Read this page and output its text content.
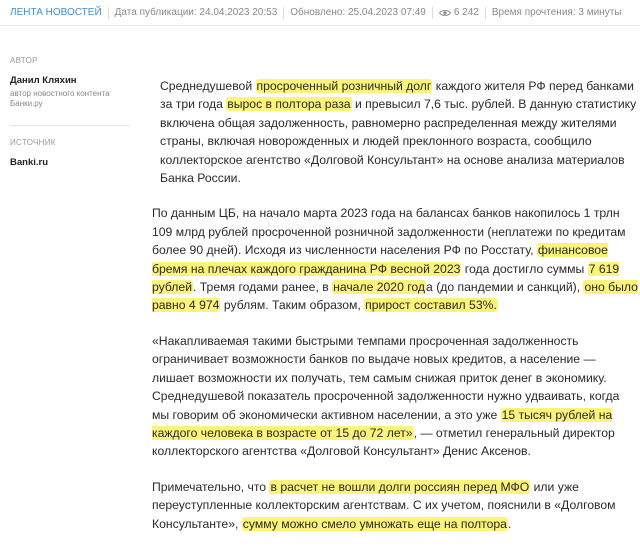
ЛЕНТА НОВОСТЕЙ	Дата публикации: 24.04.2023 20:53	Обновлено: 25.04.2023 07:49	6 242	Время прочтения: 3 минуты
АВТОР
Данил Кляхин
автор новостного контента Банки.ру
ИСТОЧНИК
Banki.ru

Среднедушевой просроченный розничный долг каждого жителя РФ перед банками за три года вырос в полтора раза и превысил 7,6 тыс. рублей. В данную статистику включена общая задолженность, равномерно распределенная между жителями страны, включая новорожденных и людей преклонного возраста, сообщило коллекторское агентство «Долговой Консультант» на основе анализа материалов Банка России.

По данным ЦБ, на начало марта 2023 года на балансах банков накопилось 1 трлн 109 млрд рублей просроченной розничной задолженности (неплатежи по кредитам более 90 дней). Исходя из численности населения РФ по Росстату, финансовое бремя на плечах каждого гражданина РФ весной 2023 года достигло суммы 7 619 рублей. Тремя годами ранее, в начале 2020 года (до пандемии и санкций), оно было равно 4 974 рублям. Таким образом, прирост составил 53%.

«Накапливаемая такими быстрыми темпами просроченная задолженность ограничивает возможности банков по выдаче новых кредитов, а население — лишает возможности их получать, тем самым снижая приток денег в экономику. Среднедушевой показатель просроченной задолженности нужно удваивать, когда мы говорим об экономически активном населении, а это уже 15 тысяч рублей на каждого человека в возрасте от 15 до 72 лет», — отметил генеральный директор коллекторского агентства «Долговой Консультант» Денис Аксенов.

Примечательно, что в расчет не вошли долги россиян перед МФО или уже переуступленные коллекторским агентствам. С их учетом, пояснили в «Долговом Консультанте», сумму можно смело умножать еще на полтора.
